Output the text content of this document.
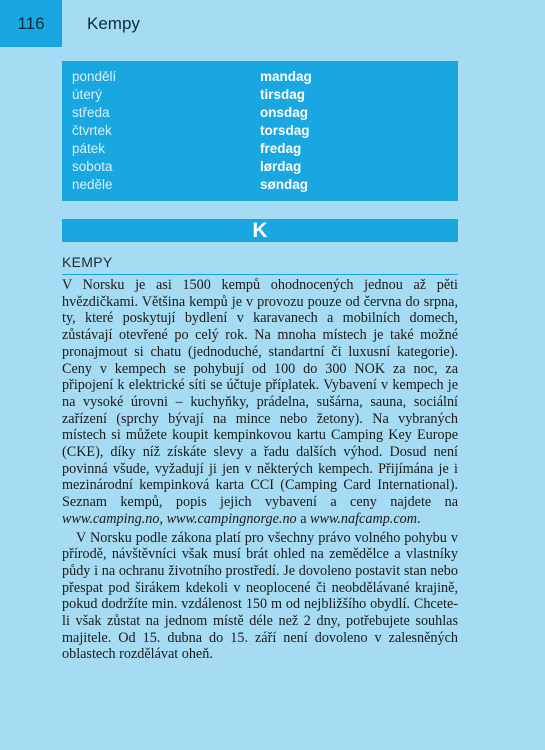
116	Kempy
pondělí	mandag
úterý	tirsdag
středa	onsdag
čtvrtek	torsdag
pátek	fredag
sobota	lørdag
neděle	søndag
K
KEMPY

V Norsku je asi 1500 kempů ohodnocených jednou až pěti hvězdičkami. Většina kempů je v provozu pouze od června do srpna, ty, které poskytují bydlení v karavanech a mobilních domech, zůstávají otevřené po celý rok. Na mnoha místech je také možné pronajmout si chatu (jednoduché, standartní či luxusní kategorie). Ceny v kempech se pohybují od 100 do 300 NOK za noc, za připojení k elektrické síti se účtuje příplatek. Vybavení v kempech je na vysoké úrovni – kuchyňky, prádelna, sušárna, sauna, sociální zařízení (sprchy bývají na mince nebo žetony). Na vybraných místech si můžete koupit kempinkovou kartu Camping Key Europe (CKE), díky níž získáte slevy a řadu dalších výhod. Dosud není povinná všude, vyžadují ji jen v některých kempech. Přijímána je i mezinárodní kempinková karta CCI (Camping Card International). Seznam kempů, popis jejich vybavení a ceny najdete na www.camping.no, www.campingnorge.no a www.nafcamp.com.

V Norsku podle zákona platí pro všechny právo volného pohybu v přírodě, návštěvníci však musí brát ohled na zemědělce a vlastníky půdy i na ochranu životního prostředí. Je dovoleno postavit stan nebo přespat pod širákem kdekoli v neoplocené či neobdělávané krajině, pokud dodržíte min. vzdálenost 150 m od nejbližšího obydlí. Chcete-li však zůstat na jednom místě déle než 2 dny, potřebujete souhlas majitele. Od 15. dubna do 15. září není dovoleno v zalesněných oblastech rozdělávat oheň.
